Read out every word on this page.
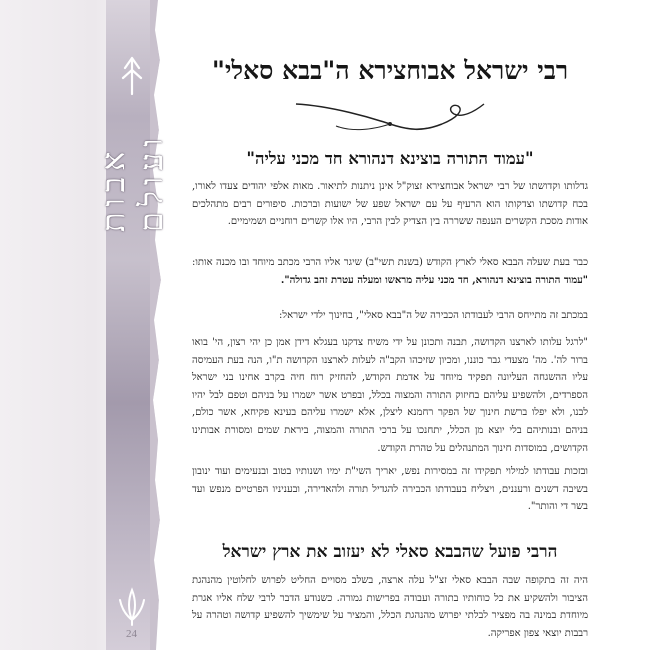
אבות ועולם
24
רבי ישראל אבוחצירא ה"בבא סאלי"
"עמוד התורה בוצינא דנהורא חד מכני עליה"

גדלותו וקדושתו של רבי ישראל אבוחצירא זצוק"ל אינן ניתנות לתיאור. מאות אלפי יהודים צעדו לאורו, בכח קדושתו וצדקותו הוא הרעיף על עם ישראל שפע של ישועות וברכות. סיפורים רבים מתהלכים אודות מסכת הקשרים הענפה ששררה בין הצדיק לבין הרבי, היו אלו קשרים רוחניים ושמימיים.

כבר בעת שעלה הבבא סאלי לארץ הקודש (בשנת תשי"ב) שיגר אליו הרבי מכתב מיוחד ובו מכנה אותו: "עמוד התורה בוצינא דנהורא, חד מכני עליה מראשו ומעלה עטרת זהב גדולה".

במכתב זה מתייחס הרבי לעבודתו הכבירה של ה"בבא סאלי", בחינוך ילדי ישראל:

"לרגל עלותו לארצנו הקדושה, תבנה ותכונן על ידי משיח צדקנו בעגלא דידן אמן כן יהי רצון, הי' בואו ברור לה'. מה' מצעדי גבר כוננו, ומכיון שזיכהו הקב"ה לעלות לארצנו הקדושה ת"ו, הנה בעת העמיסה עליו ההשגחה העליונה תפקיד מיוחד על אדמת הקודש, להחזיק רוח חיה בקרב אחינו בני ישראל הספרדים, ולהשפיע עליהם בחיזוק התורה והמצוה בכלל, ובפרט אשר ישמרו על בניהם וטפם לבל יהיו לבנו, ולא יפלו ברשת חינוך של הפקר רחמנא ליצלן, אלא ישמרו עליהם בעינא פקיחא, אשר כולם, בניהם ובנותיהם בלי יוצא מן הכלל, יתחנכו על ברכי התורה והמצוה, ביראת שמים ומסורת אבותינו הקדושים, במוסדות חינוך המתנהלים על טהרת הקודש.

ובזכות עבודתו למילוי תפקידו זה במסירות נפש, יאריך השי"ת ימיו ושנותיו בטוב ובנעימים ועוד ינובון בשיבה דשנים ורעננים, ויצליח בעבודתו הכבירה להגדיל תורה ולהאדירה, ובעניניו הפרטיים מנפש ועד בשר די והותר".

הרבי פועל שהבבא סאלי לא יעזוב את ארץ ישראל

היה זה בתקופה שבה הבבא סאלי זצ"ל עלה ארצה, בשלב מסויים החליט לפרוש לחלוטין מהנהגת הציבור ולהשקיע את כל כוחותיו בתורה ועבודה בפרישות גמורה. כשנודע הדבר לרבי שלח אליו אגרת מיוחדת במינה בה מפציר לבלתי יפרוש מהנהגת הכלל, והמציר על שימשיך להשפיע קדושה וטהרה על רבבות יוצאי צפון אפריקה.
